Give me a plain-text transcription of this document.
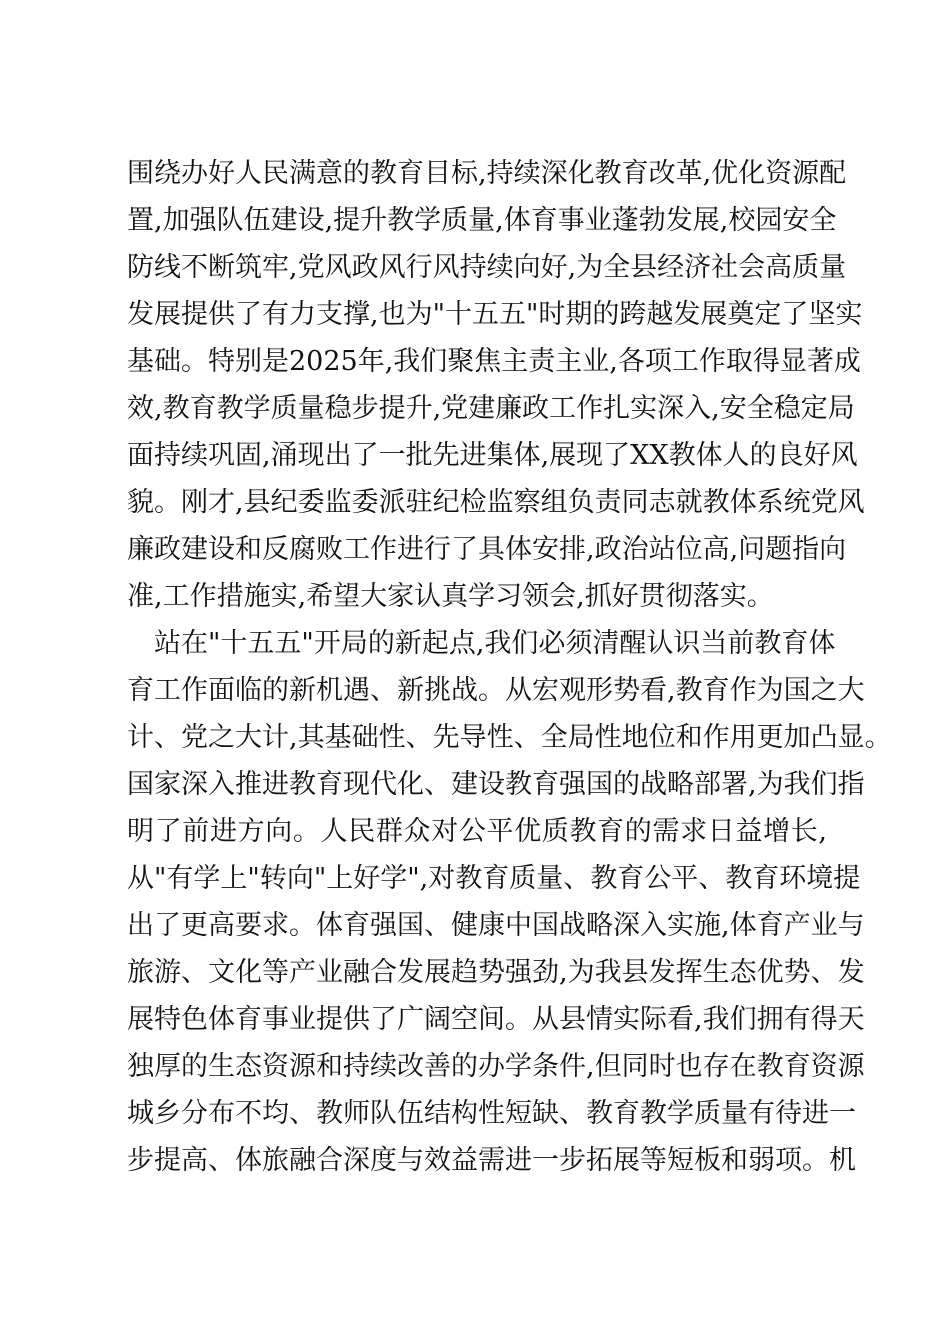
围绕办好人民满意的教育目标,持续深化教育改革,优化资源配
置,加强队伍建设,提升教学质量,体育事业蓬勃发展,校园安全
防线不断筑牢,党风政风行风持续向好,为全县经济社会高质量
发展提供了有力支撑,也为"十五五"时期的跨越发展奠定了坚实
基础。特别是2025年,我们聚焦主责主业,各项工作取得显著成
效,教育教学质量稳步提升,党建廉政工作扎实深入,安全稳定局
面持续巩固,涌现出了一批先进集体,展现了XX教体人的良好风
貌。刚才,县纪委监委派驻纪检监察组负责同志就教体系统党风
廉政建设和反腐败工作进行了具体安排,政治站位高,问题指向
准,工作措施实,希望大家认真学习领会,抓好贯彻落实。
站在"十五五"开局的新起点,我们必须清醒认识当前教育体
育工作面临的新机遇、新挑战。从宏观形势看,教育作为国之大
计、党之大计,其基础性、先导性、全局性地位和作用更加凸显。
国家深入推进教育现代化、建设教育强国的战略部署,为我们指
明了前进方向。人民群众对公平优质教育的需求日益增长,
从"有学上"转向"上好学",对教育质量、教育公平、教育环境提
出了更高要求。体育强国、健康中国战略深入实施,体育产业与
旅游、文化等产业融合发展趋势强劲,为我县发挥生态优势、发
展特色体育事业提供了广阔空间。从县情实际看,我们拥有得天
独厚的生态资源和持续改善的办学条件,但同时也存在教育资源
城乡分布不均、教师队伍结构性短缺、教育教学质量有待进一
步提高、体旅融合深度与效益需进一步拓展等短板和弱项。机
